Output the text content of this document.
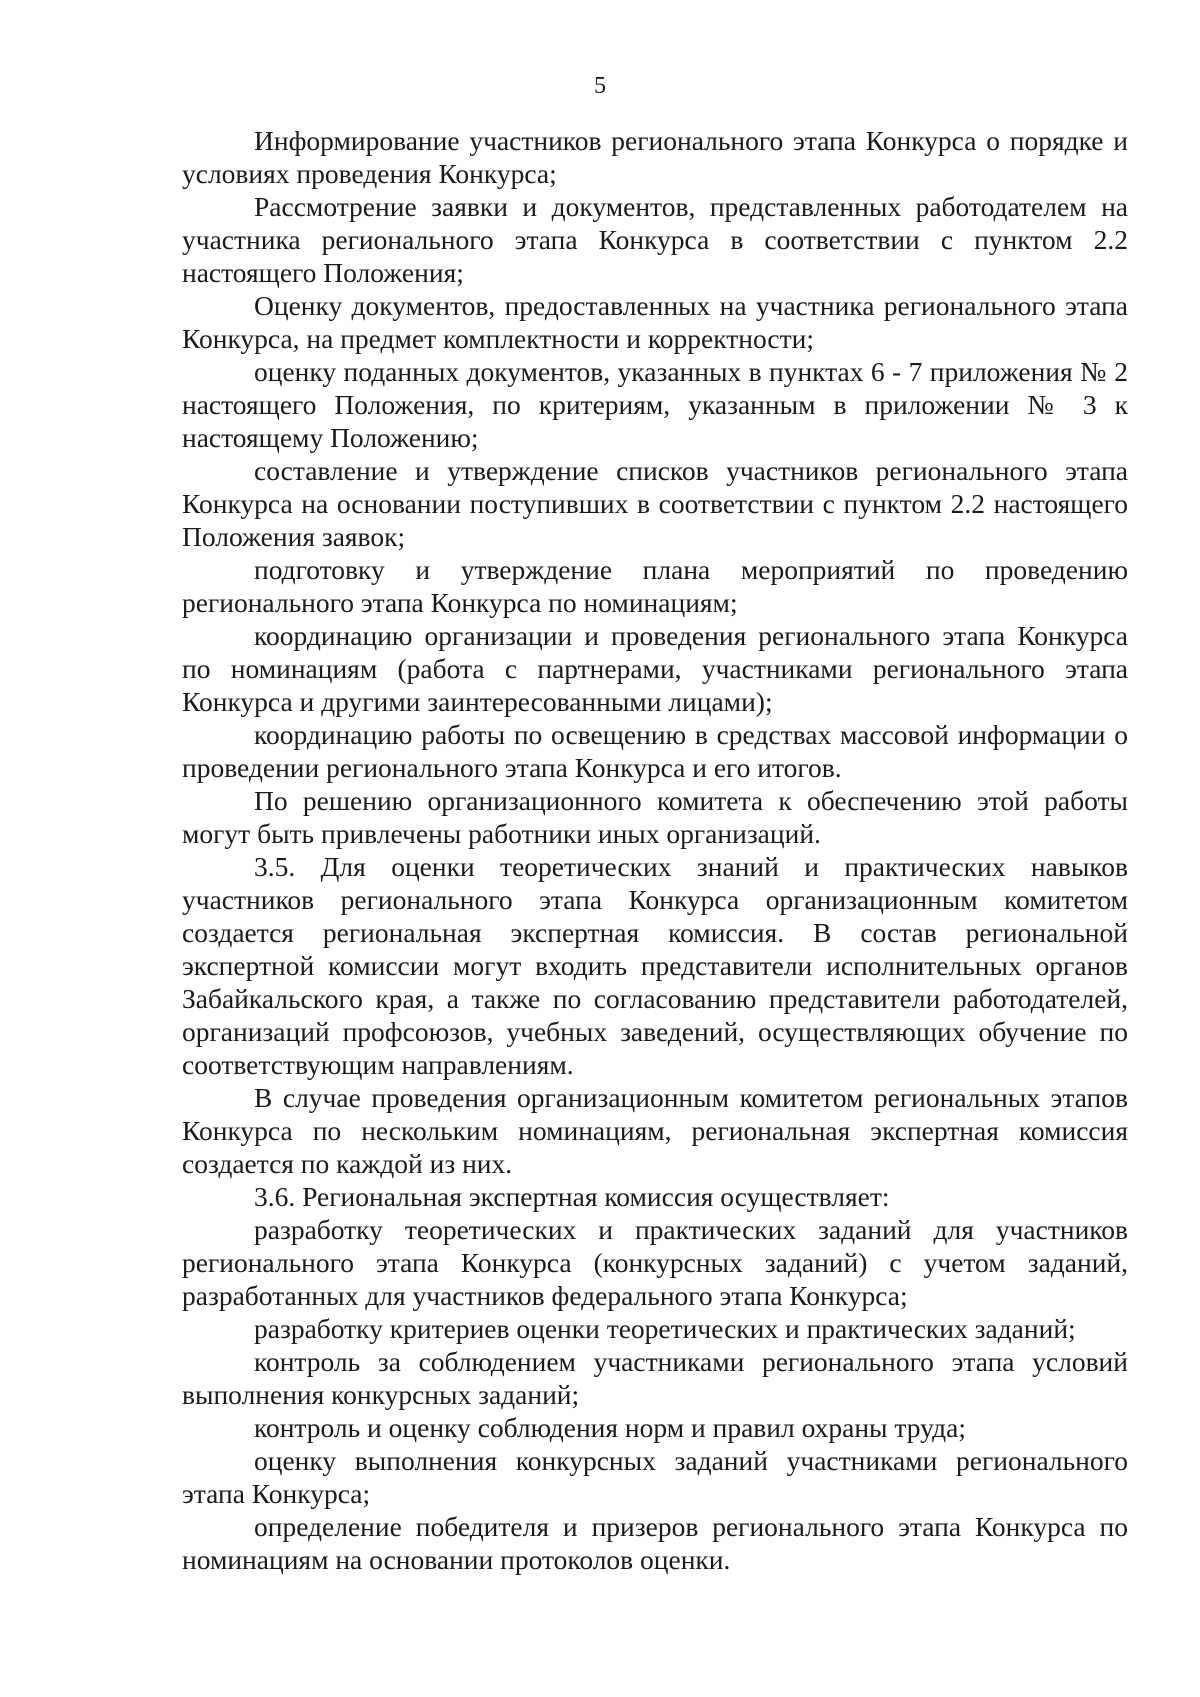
5

Информирование участников регионального этапа Конкурса о порядке и условиях проведения Конкурса;

Рассмотрение заявки и документов, представленных работодателем на участника регионального этапа Конкурса в соответствии с пунктом 2.2 настоящего Положения;

Оценку документов, предоставленных на участника регионального этапа Конкурса, на предмет комплектности и корректности;

оценку поданных документов, указанных в пунктах 6 - 7 приложения № 2 настоящего Положения, по критериям, указанным в приложении № 3 к настоящему Положению;

составление и утверждение списков участников регионального этапа Конкурса на основании поступивших в соответствии с пунктом 2.2 настоящего Положения заявок;

подготовку и утверждение плана мероприятий по проведению регионального этапа Конкурса по номинациям;

координацию организации и проведения регионального этапа Конкурса по номинациям (работа с партнерами, участниками регионального этапа Конкурса и другими заинтересованными лицами);

координацию работы по освещению в средствах массовой информации о проведении регионального этапа Конкурса и его итогов.

По решению организационного комитета к обеспечению этой работы могут быть привлечены работники иных организаций.

3.5. Для оценки теоретических знаний и практических навыков участников регионального этапа Конкурса организационным комитетом создается региональная экспертная комиссия. В состав региональной экспертной комиссии могут входить представители исполнительных органов Забайкальского края, а также по согласованию представители работодателей, организаций профсоюзов, учебных заведений, осуществляющих обучение по соответствующим направлениям.

В случае проведения организационным комитетом региональных этапов Конкурса по нескольким номинациям, региональная экспертная комиссия создается по каждой из них.

3.6. Региональная экспертная комиссия осуществляет:

разработку теоретических и практических заданий для участников регионального этапа Конкурса (конкурсных заданий) с учетом заданий, разработанных для участников федерального этапа Конкурса;

разработку критериев оценки теоретических и практических заданий;

контроль за соблюдением участниками регионального этапа условий выполнения конкурсных заданий;

контроль и оценку соблюдения норм и правил охраны труда;

оценку выполнения конкурсных заданий участниками регионального этапа Конкурса;

определение победителя и призеров регионального этапа Конкурса по номинациям на основании протоколов оценки.
